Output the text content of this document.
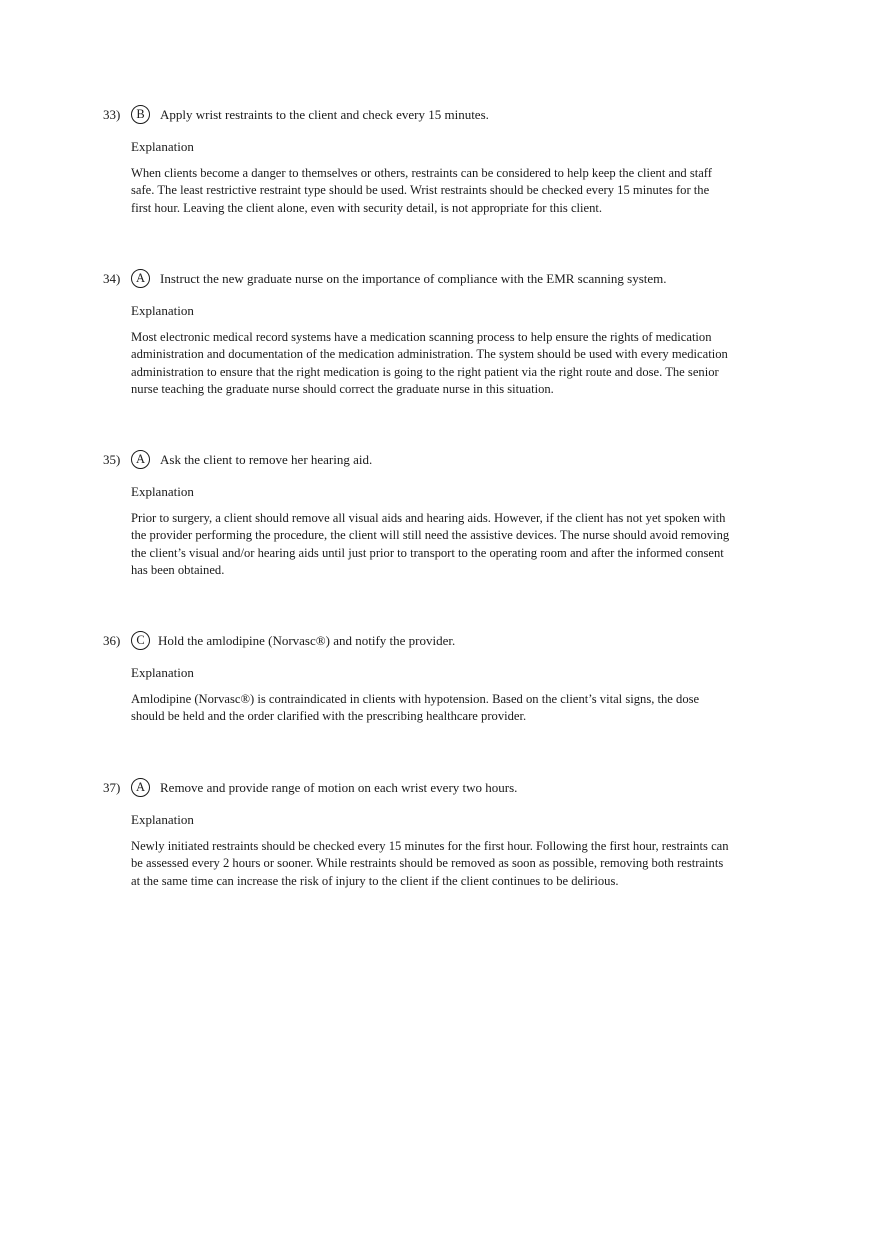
33)	B	Apply wrist restraints to the client and check every 15 minutes.
Explanation
When clients become a danger to themselves or others, restraints can be considered to help keep the client and staff safe. The least restrictive restraint type should be used. Wrist restraints should be checked every 15 minutes for the first hour. Leaving the client alone, even with security detail, is not appropriate for this client.
34)	A	Instruct the new graduate nurse on the importance of compliance with the EMR scanning system.
Explanation
Most electronic medical record systems have a medication scanning process to help ensure the rights of medication administration and documentation of the medication administration. The system should be used with every medication administration to ensure that the right medication is going to the right patient via the right route and dose. The senior nurse teaching the graduate nurse should correct the graduate nurse in this situation.
35)	A	Ask the client to remove her hearing aid.
Explanation
Prior to surgery, a client should remove all visual aids and hearing aids. However, if the client has not yet spoken with the provider performing the procedure, the client will still need the assistive devices. The nurse should avoid removing the client’s visual and/or hearing aids until just prior to transport to the operating room and after the informed consent has been obtained.
36)	C	Hold the amlodipine (Norvasc®) and notify the provider.
Explanation
Amlodipine (Norvasc®) is contraindicated in clients with hypotension. Based on the client’s vital signs, the dose should be held and the order clarified with the prescribing healthcare provider.
37)	A	Remove and provide range of motion on each wrist every two hours.
Explanation
Newly initiated restraints should be checked every 15 minutes for the first hour. Following the first hour, restraints can be assessed every 2 hours or sooner. While restraints should be removed as soon as possible, removing both restraints at the same time can increase the risk of injury to the client if the client continues to be delirious.
